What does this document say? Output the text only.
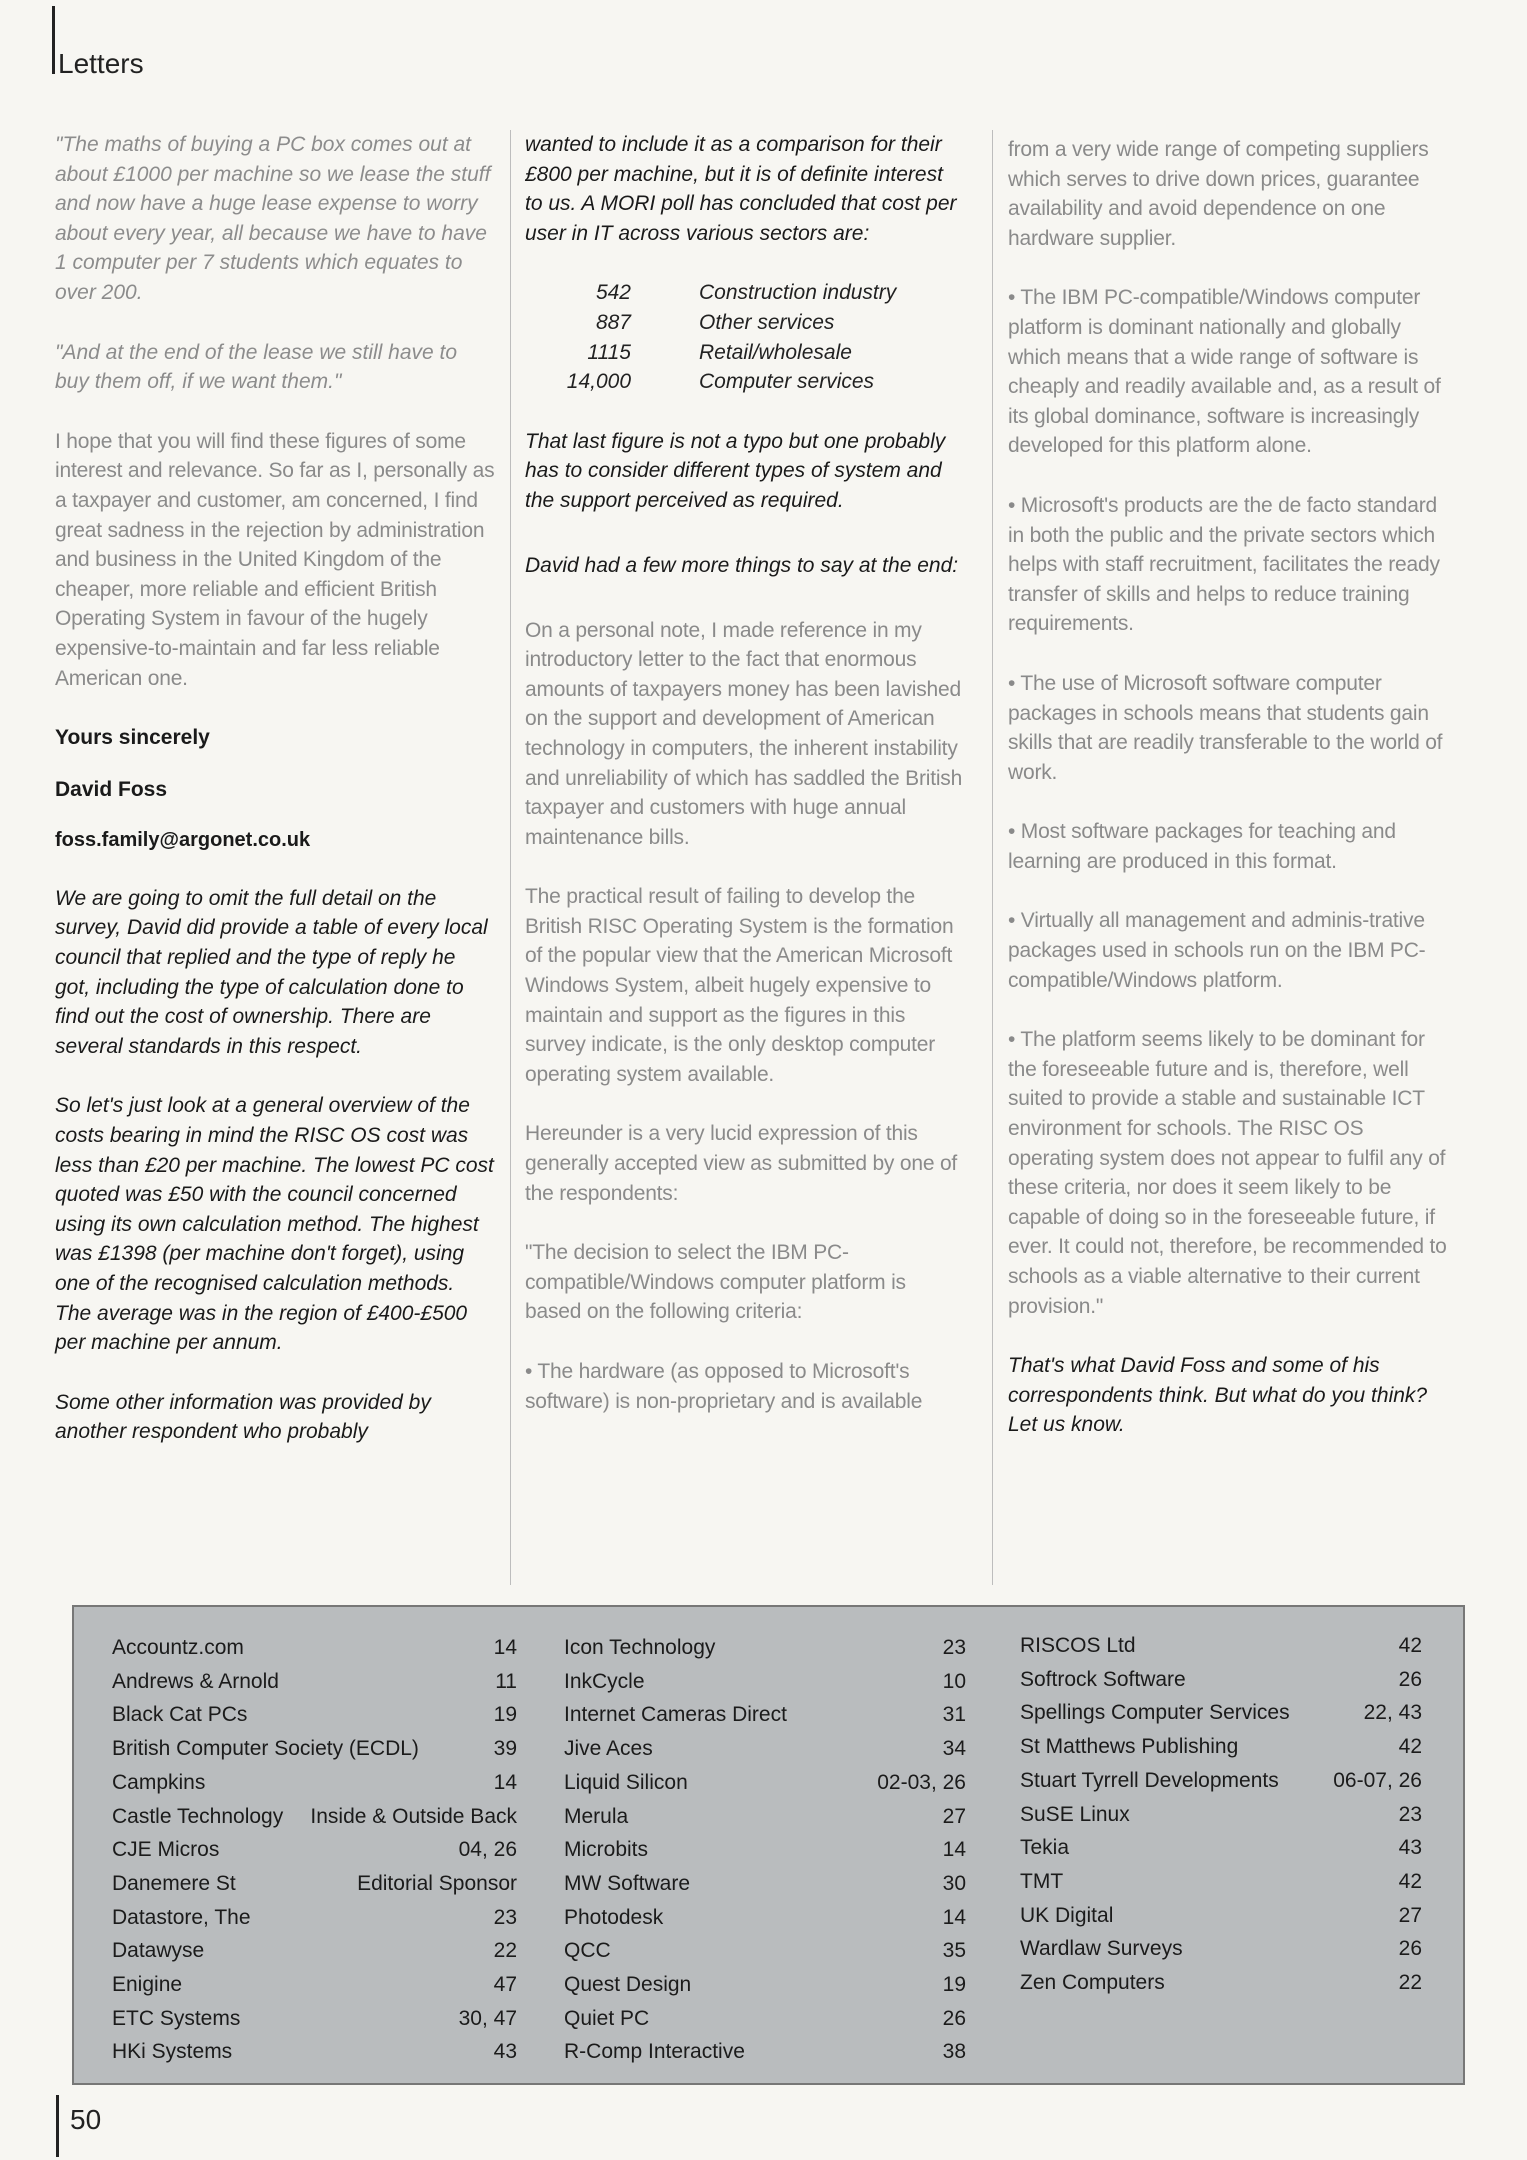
Letters

"The maths of buying a PC box comes out at about £1000 per machine so we lease the stuff and now have a huge lease expense to worry about every year, all because we have to have 1 computer per 7 students which equates to over 200.

"And at the end of the lease we still have to buy them off, if we want them."

I hope that you will find these figures of some interest and relevance. So far as I, personally as a taxpayer and customer, am concerned, I find great sadness in the rejection by administration and business in the United Kingdom of the cheaper, more reliable and efficient British Operating System in favour of the hugely expensive-to-maintain and far less reliable American one.

Yours sincerely

David Foss

foss.family@argonet.co.uk

We are going to omit the full detail on the survey, David did provide a table of every local council that replied and the type of reply he got, including the type of calculation done to find out the cost of ownership. There are several standards in this respect.

So let's just look at a general overview of the costs bearing in mind the RISC OS cost was less than £20 per machine. The lowest PC cost quoted was £50 with the council concerned using its own calculation method. The highest was £1398 (per machine don't forget), using one of the recognised calculation methods. The average was in the region of £400-£500 per machine per annum.

Some other information was provided by another respondent who probably

wanted to include it as a comparison for their £800 per machine, but it is of definite interest to us. A MORI poll has concluded that cost per user in IT across various sectors are:

542	Construction industry
887	Other services
1115	Retail/wholesale
14,000	Computer services

That last figure is not a typo but one probably has to consider different types of system and the support perceived as required.

David had a few more things to say at the end:

On a personal note, I made reference in my introductory letter to the fact that enormous amounts of taxpayers money has been lavished on the support and development of American technology in computers, the inherent instability and unreliability of which has saddled the British taxpayer and customers with huge annual maintenance bills.

The practical result of failing to develop the British RISC Operating System is the formation of the popular view that the American Microsoft Windows System, albeit hugely expensive to maintain and support as the figures in this survey indicate, is the only desktop computer operating system available.

Hereunder is a very lucid expression of this generally accepted view as submitted by one of the respondents:

"The decision to select the IBM PC-compatible/Windows computer platform is based on the following criteria:

• The hardware (as opposed to Microsoft's software) is non-proprietary and is available

from a very wide range of competing suppliers which serves to drive down prices, guarantee availability and avoid dependence on one hardware supplier.

• The IBM PC-compatible/Windows computer platform is dominant nationally and globally which means that a wide range of software is cheaply and readily available and, as a result of its global dominance, software is increasingly developed for this platform alone.

• Microsoft's products are the de facto standard in both the public and the private sectors which helps with staff recruitment, facilitates the ready transfer of skills and helps to reduce training requirements.

• The use of Microsoft software computer packages in schools means that students gain skills that are readily transferable to the world of work.

• Most software packages for teaching and learning are produced in this format.

• Virtually all management and adminis-trative packages used in schools run on the IBM PC-compatible/Windows platform.

• The platform seems likely to be dominant for the foreseeable future and is, therefore, well suited to provide a stable and sustainable ICT environment for schools. The RISC OS operating system does not appear to fulfil any of these criteria, nor does it seem likely to be capable of doing so in the foreseeable future, if ever. It could not, therefore, be recommended to schools as a viable alternative to their current provision."

That's what David Foss and some of his correspondents think. But what do you think? Let us know.

Accountz.com	14
Andrews & Arnold	11
Black Cat PCs	19
British Computer Society (ECDL)	39
Campkins	14
Castle Technology Inside & Outside Back
CJE Micros	04, 26
Danemere St	Editorial Sponsor
Datastore, The	23
Datawyse	22
Enigine	47
ETC Systems	30, 47
HKi Systems	43
Icon Technology	23
InkCycle	10
Internet Cameras Direct	31
Jive Aces	34
Liquid Silicon	02-03, 26
Merula	27
Microbits	14
MW Software	30
Photodesk	14
QCC	35
Quest Design	19
Quiet PC	26
R-Comp Interactive	38
RISCOS Ltd	42
Softrock Software	26
Spellings Computer Services	22, 43
St Matthews Publishing	42
Stuart Tyrrell Developments	06-07, 26
SuSE Linux	23
Tekia	43
TMT	42
UK Digital	27
Wardlaw Surveys	26
Zen Computers	22
50
